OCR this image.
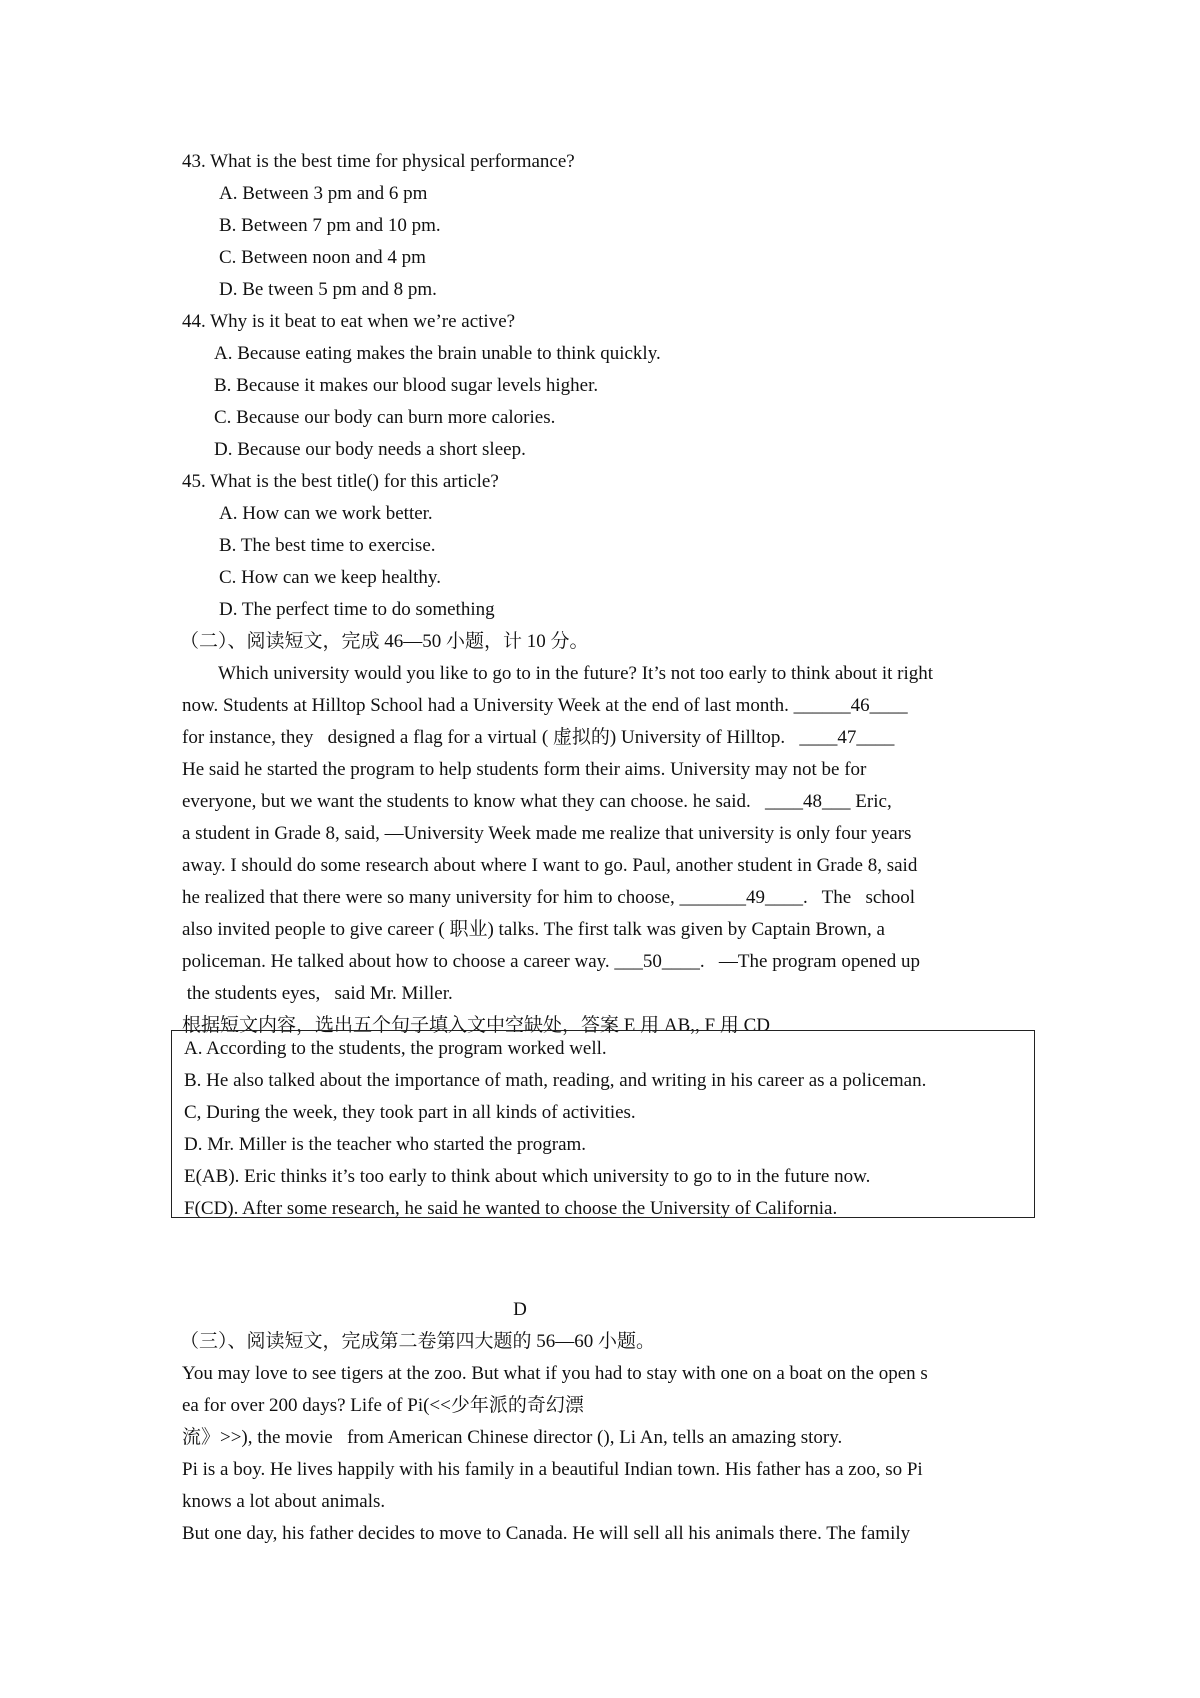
43. What is the best time for physical performance?
A. Between 3 pm and 6 pm
B. Between 7 pm and 10 pm.
C. Between noon and 4 pm
D. Be tween 5 pm and 8 pm.
44. Why is it beat to eat when we’re active?
A. Because eating makes the brain unable to think quickly.
B. Because it makes our blood sugar levels higher.
C. Because our body can burn more calories.
D. Because our body needs a short sleep.
45. What is the best title() for this article?
A. How can we work better.
B. The best time to exercise.
C. How can we keep healthy.
D. The perfect time to do something
（二）、阅读短文，完成 46—50 小题，计 10 分。
Which university would you like to go to in the future? It’s not too early to think about it right
now. Students at Hilltop School had a University Week at the end of last month. ______46____
for instance, they   designed a flag for a virtual ( 虚拟的) University of Hilltop.   ____47____
He said he started the program to help students form their aims. University may not be for
everyone, but we want the students to know what they can choose. he said.   ____48___ Eric,
a student in Grade 8, said, ―University Week made me realize that university is only four years
away. I should do some research about where I want to go. Paul, another student in Grade 8, said
he realized that there were so many university for him to choose, _______49____.   The   school
also invited people to give career ( 职业) talks. The first talk was given by Captain Brown, a
policeman. He talked about how to choose a career way. ___50____.   ―The program opened up
the students eyes,   said Mr. Miller.
根据短文内容，选出五个句子填入文中空缺处，答案 E 用 AB,, F 用 CD
A. According to the students, the program worked well.
B. He also talked about the importance of math, reading, and writing in his career as a policeman.
C, During the week, they took part in all kinds of activities.
D. Mr. Miller is the teacher who started the program.
E(AB). Eric thinks it’s too early to think about which university to go to in the future now.
F(CD). After some research, he said he wanted to choose the University of California.
D
（三）、阅读短文，完成第二卷第四大题的 56—60 小题。
You may love to see tigers at the zoo. But what if you had to stay with one on a boat on the open s
ea for over 200 days? Life of Pi(<<少年派的奇幻漂
流》>>), the movie   from American Chinese director (), Li An, tells an amazing story.
Pi is a boy. He lives happily with his family in a beautiful Indian town. His father has a zoo, so Pi
knows a lot about animals.
But one day, his father decides to move to Canada. He will sell all his animals there. The family
